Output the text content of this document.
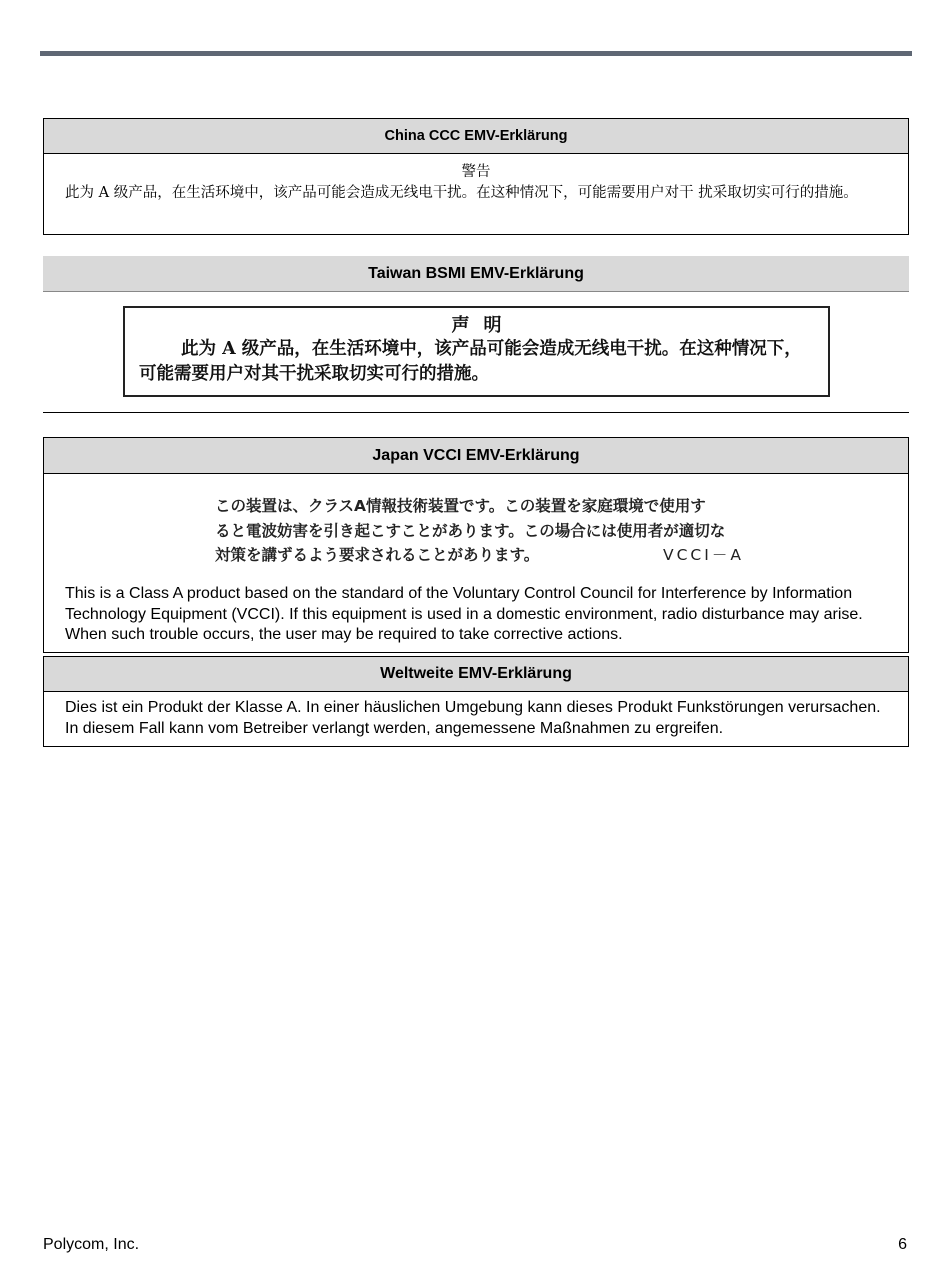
China CCC EMV-Erklärung
警告
此为 A 级产品，在生活环境中，该产品可能会造成无线电干扰。在这种情况下，可能需要用户对干 扰采取切实可行的措施。
Taiwan BSMI EMV-Erklärung
声明
此为 A 级产品，在生活环境中，该产品可能会造成无线电干扰。在这种情况下，可能需要用户对其干扰采取切实可行的措施。
Japan VCCI EMV-Erklärung
この装置は、クラスA情報技術装置です。この装置を家庭環境で使用す
ると電波妨害を引き起こすことがあります。この場合には使用者が適切な
対策を講ずるよう要求されることがあります。	VCCI－A
This is a Class A product based on the standard of the Voluntary Control Council for Interference by Information Technology Equipment (VCCI). If this equipment is used in a domestic environment, radio disturbance may arise. When such trouble occurs, the user may be required to take corrective actions.
Weltweite EMV-Erklärung
Dies ist ein Produkt der Klasse A. In einer häuslichen Umgebung kann dieses Produkt Funkstörungen verursachen. In diesem Fall kann vom Betreiber verlangt werden, angemessene Maßnahmen zu ergreifen.
Polycom, Inc.	6
